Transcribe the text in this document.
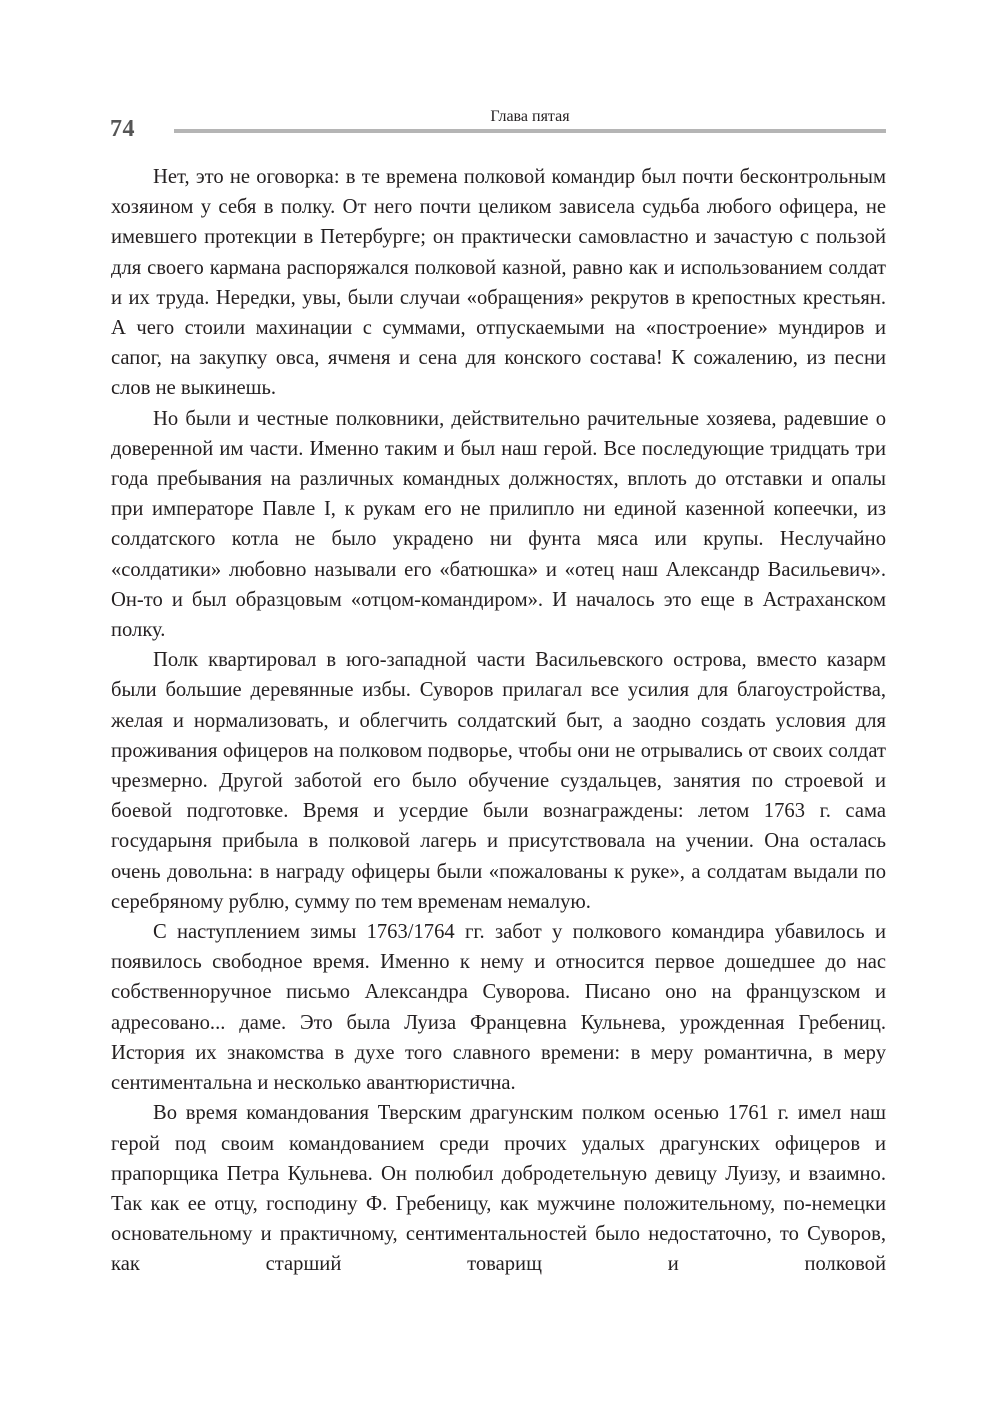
74	Глава пятая

Нет, это не оговорка: в те времена полковой командир был почти бесконтрольным хозяином у себя в полку. От него почти целиком зависела судьба любого офицера, не имевшего протекции в Петербурге; он практически самовластно и зачастую с пользой для своего кармана распоряжался полковой казной, равно как и использованием солдат и их труда. Нередки, увы, были случаи «обращения» рекрутов в крепостных крестьян. А чего стоили махинации с суммами, отпускаемыми на «построение» мундиров и сапог, на закупку овса, ячменя и сена для конского состава! К сожалению, из песни слов не выкинешь.

Но были и честные полковники, действительно рачительные хозяева, радевшие о доверенной им части. Именно таким и был наш герой. Все последующие тридцать три года пребывания на различных командных должностях, вплоть до отставки и опалы при императоре Павле I, к рукам его не прилипло ни единой казенной копеечки, из солдатского котла не было украдено ни фунта мяса или крупы. Неслучайно «солдатики» любовно называли его «батюшка» и «отец наш Александр Васильевич». Он-то и был образцовым «отцом-командиром». И началось это еще в Астраханском полку.

Полк квартировал в юго-западной части Васильевского острова, вместо казарм были большие деревянные избы. Суворов прилагал все усилия для благоустройства, желая и нормализовать, и облегчить солдатский быт, а заодно создать условия для проживания офицеров на полковом подворье, чтобы они не отрывались от своих солдат чрезмерно. Другой заботой его было обучение суздальцев, занятия по строевой и боевой подготовке. Время и усердие были вознаграждены: летом 1763 г. сама государыня прибыла в полковой лагерь и присутствовала на учении. Она осталась очень довольна: в награду офицеры были «пожалованы к руке», а солдатам выдали по серебряному рублю, сумму по тем временам немалую.

С наступлением зимы 1763/1764 гг. забот у полкового командира убавилось и появилось свободное время. Именно к нему и относится первое дошедшее до нас собственноручное письмо Александра Суворова. Писано оно на французском и адресовано... даме. Это была Луиза Францевна Кульнева, урожденная Гребениц. История их знакомства в духе того славного времени: в меру романтична, в меру сентиментальна и несколько авантюристична.

Во время командования Тверским драгунским полком осенью 1761 г. имел наш герой под своим командованием среди прочих удалых драгунских офицеров и прапорщика Петра Кульнева. Он полюбил добродетельную девицу Луизу, и взаимно. Так как ее отцу, господину Ф. Гребеницу, как мужчине положительному, по-немецки основательному и практичному, сентиментальностей было недостаточно, то Суворов, как старший товарищ и полковой
